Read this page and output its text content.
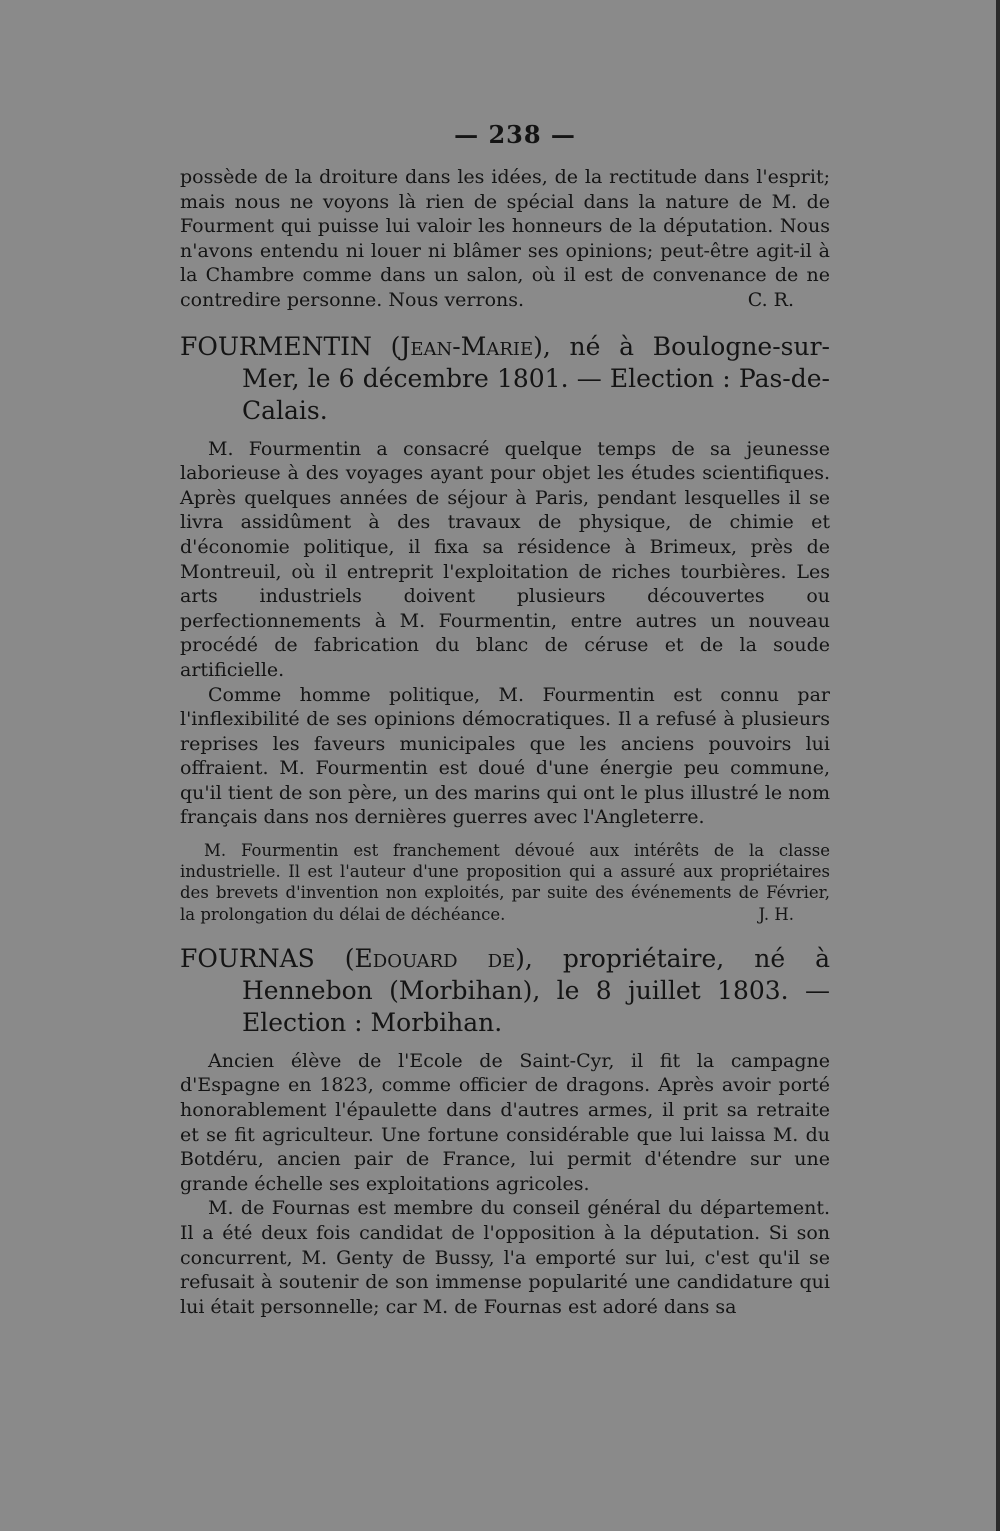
— 238 —

possède de la droiture dans les idées, de la rectitude dans l'esprit; mais nous ne voyons là rien de spécial dans la nature de M. de Fourment qui puisse lui valoir les honneurs de la députation. Nous n'avons entendu ni louer ni blâmer ses opinions; peut-être agit-il à la Chambre comme dans un salon, où il est de convenance de ne contredire personne. Nous verrons.	C. R.

FOURMENTIN (Jean-Marie), né à Boulogne-sur-Mer, le 6 décembre 1801. — Election : Pas-de-Calais.

M. Fourmentin a consacré quelque temps de sa jeunesse laborieuse à des voyages ayant pour objet les études scientifiques. Après quelques années de séjour à Paris, pendant lesquelles il se livra assidûment à des travaux de physique, de chimie et d'économie politique, il fixa sa résidence à Brimeux, près de Montreuil, où il entreprit l'exploitation de riches tourbières. Les arts industriels doivent plusieurs découvertes ou perfectionnements à M. Fourmentin, entre autres un nouveau procédé de fabrication du blanc de céruse et de la soude artificielle.

Comme homme politique, M. Fourmentin est connu par l'inflexibilité de ses opinions démocratiques. Il a refusé à plusieurs reprises les faveurs municipales que les anciens pouvoirs lui offraient. M. Fourmentin est doué d'une énergie peu commune, qu'il tient de son père, un des marins qui ont le plus illustré le nom français dans nos dernières guerres avec l'Angleterre.

M. Fourmentin est franchement dévoué aux intérêts de la classe industrielle. Il est l'auteur d'une proposition qui a assuré aux propriétaires des brevets d'invention non exploités, par suite des événements de Février, la prolongation du délai de déchéance.	J. H.

FOURNAS (Edouard de), propriétaire, né à Hennebon (Morbihan), le 8 juillet 1803. — Election : Morbihan.

Ancien élève de l'Ecole de Saint-Cyr, il fit la campagne d'Espagne en 1823, comme officier de dragons. Après avoir porté honorablement l'épaulette dans d'autres armes, il prit sa retraite et se fit agriculteur. Une fortune considérable que lui laissa M. du Botdéru, ancien pair de France, lui permit d'étendre sur une grande échelle ses exploitations agricoles.

M. de Fournas est membre du conseil général du département. Il a été deux fois candidat de l'opposition à la députation. Si son concurrent, M. Genty de Bussy, l'a emporté sur lui, c'est qu'il se refusait à soutenir de son immense popularité une candidature qui lui était personnelle; car M. de Fournas est adoré dans sa
